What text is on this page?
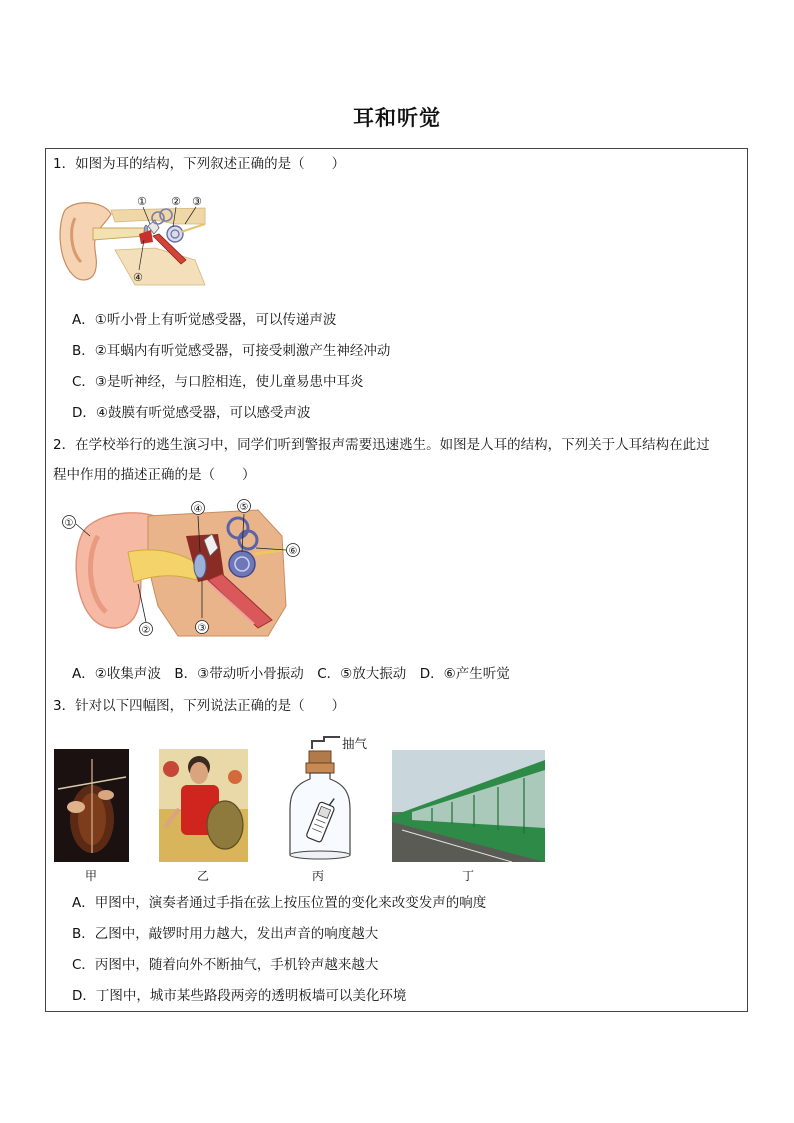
耳和听觉
1．如图为耳的结构，下列叙述正确的是（　　）
① ② ③
④
A．①听小骨上有听觉感受器，可以传递声波
B．②耳蜗内有听觉感受器，可接受刺激产生神经冲动
C．③是听神经，与口腔相连，使儿童易患中耳炎
D．④鼓膜有听觉感受器，可以感受声波
2．在学校举行的逃生演习中，同学们听到警报声需要迅速逃生。如图是人耳的结构，下列关于人耳结构在此过
程中作用的描述正确的是（　　）
①
②	③
④	⑤
⑥
A．②收集声波　B．③带动听小骨振动　C．⑤放大振动　D．⑥产生听觉
3．针对以下四幅图，下列说法正确的是（　　）
抽气
甲	乙	丙	丁
A．甲图中，演奏者通过手指在弦上按压位置的变化来改变发声的响度
B．乙图中，敲锣时用力越大，发出声音的响度越大
C．丙图中，随着向外不断抽气，手机铃声越来越大
D．丁图中，城市某些路段两旁的透明板墙可以美化环境
